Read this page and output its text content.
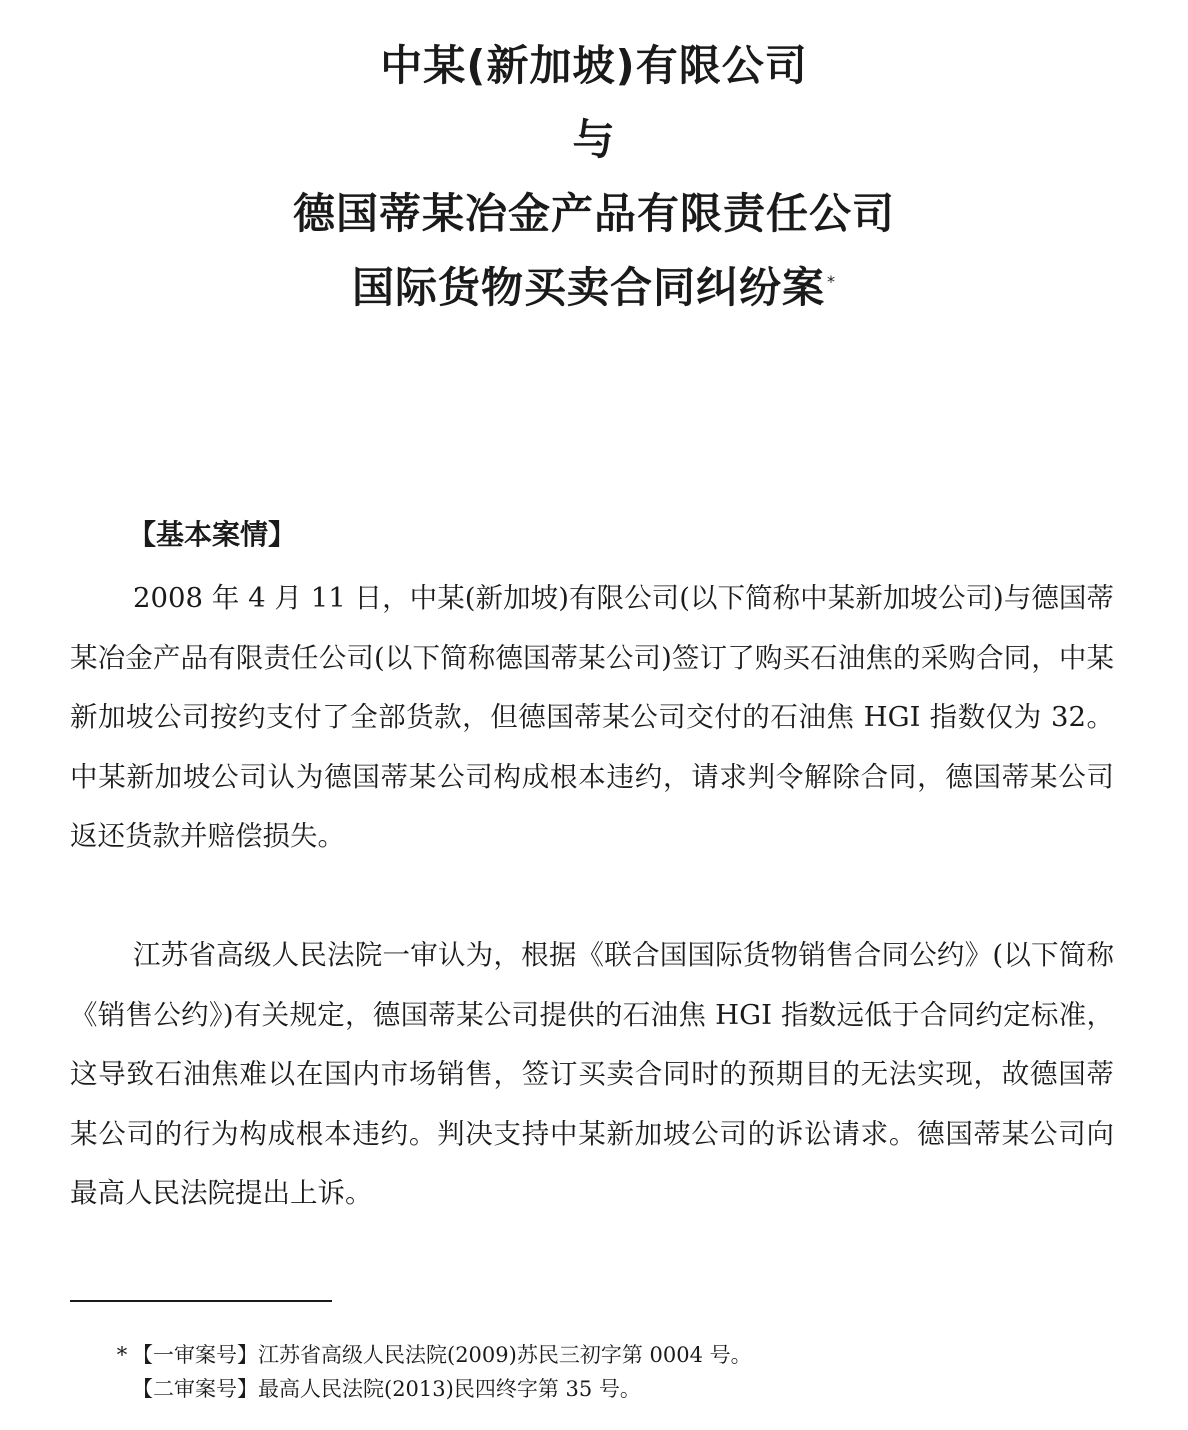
中某(新加坡)有限公司
与
德国蒂某冶金产品有限责任公司
国际货物买卖合同纠纷案 *
【基本案情】

2008 年 4 月 11 日，中某(新加坡)有限公司(以下简称中某新加坡公司)与德国蒂某冶金产品有限责任公司(以下简称德国蒂某公司)签订了购买石油焦的采购合同，中某新加坡公司按约支付了全部货款，但德国蒂某公司交付的石油焦 HGI 指数仅为 32。中某新加坡公司认为德国蒂某公司构成根本违约，请求判令解除合同，德国蒂某公司返还货款并赔偿损失。

江苏省高级人民法院一审认为，根据《联合国国际货物销售合同公约》(以下简称《销售公约》)有关规定，德国蒂某公司提供的石油焦 HGI 指数远低于合同约定标准，这导致石油焦难以在国内市场销售，签订买卖合同时的预期目的无法实现，故德国蒂某公司的行为构成根本违约。判决支持中某新加坡公司的诉讼请求。德国蒂某公司向最高人民法院提出上诉。

* 【一审案号】江苏省高级人民法院(2009)苏民三初字第 0004 号。
【二审案号】最高人民法院(2013)民四终字第 35 号。
